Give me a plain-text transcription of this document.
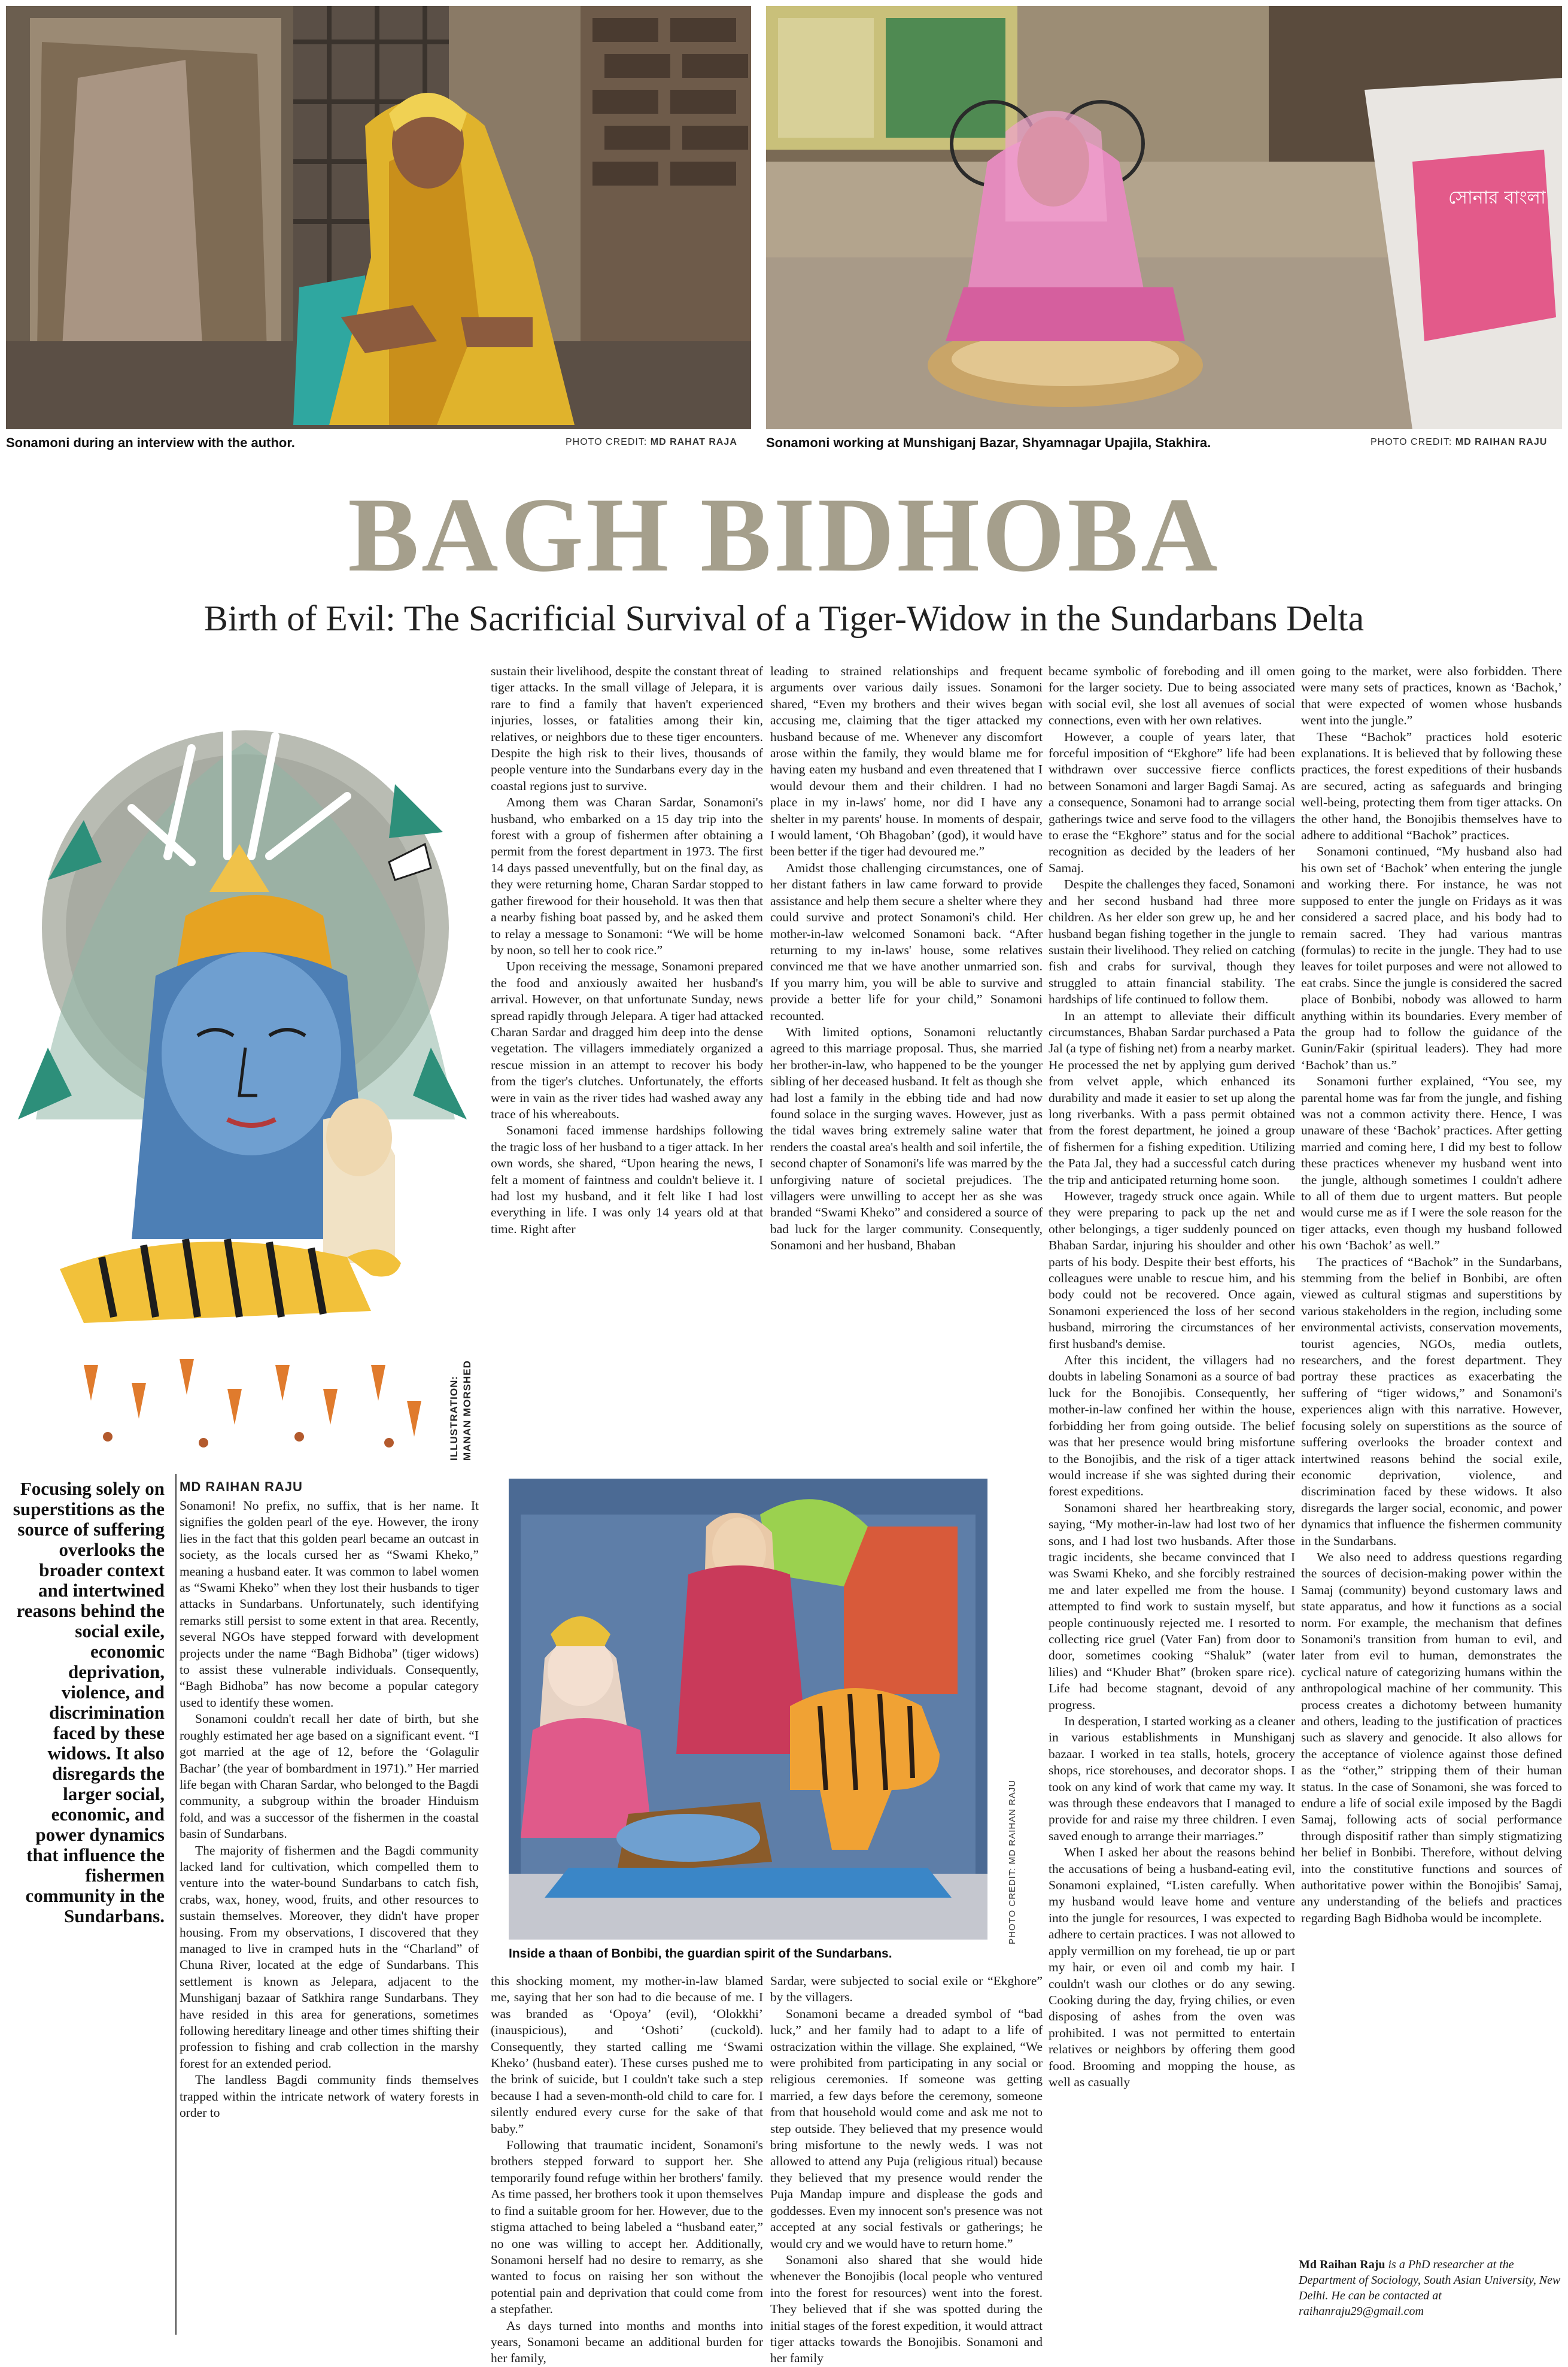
সোনার বাংলা
Sonamoni during an interview with the author.	PHOTO CREDIT: MD RAHAT RAJA Sonamoni working at Munshiganj Bazar, Shyamnagar Upajila, Stakhira.	PHOTO CREDIT: MD RAIHAN RAJU
BAGH BIDHOBA
Birth of Evil: The Sacrificial Survival of a Tiger-Widow in the Sundarbans Delta
ILLUSTRATION: MANAN MORSHED
Focusing solely on superstitions as the source of suffering overlooks the broader context and intertwined reasons behind the social exile, economic deprivation, violence, and discrimination faced by these widows. It also disregards the larger social, economic, and power dynamics that influence the fishermen community in the Sundarbans.
MD RAIHAN RAJU

Sonamoni! No prefix, no suffix, that is her name. It signifies the golden pearl of the eye. However, the irony lies in the fact that this golden pearl became an outcast in society, as the locals cursed her as “Swami Kheko,” meaning a husband eater. It was common to label women as “Swami Kheko” when they lost their husbands to tiger attacks in Sundarbans. Unfortunately, such identifying remarks still persist to some extent in that area. Recently, several NGOs have stepped forward with development projects under the name “Bagh Bidhoba” (tiger widows) to assist these vulnerable individuals. Consequently, “Bagh Bidhoba” has now become a popular category used to identify these women.

Sonamoni couldn't recall her date of birth, but she roughly estimated her age based on a significant event. “I got married at the age of 12, before the ‘Golagulir Bachar’ (the year of bombardment in 1971).” Her married life began with Charan Sardar, who belonged to the Bagdi community, a subgroup within the broader Hinduism fold, and was a successor of the fishermen in the coastal basin of Sundarbans.

The majority of fishermen and the Bagdi community lacked land for cultivation, which compelled them to venture into the water-bound Sundarbans to catch fish, crabs, wax, honey, wood, fruits, and other resources to sustain themselves. Moreover, they didn't have proper housing. From my observations, I discovered that they managed to live in cramped huts in the “Charland” of Chuna River, located at the edge of Sundarbans. This settlement is known as Jelepara, adjacent to the Munshiganj bazaar of Satkhira range Sundarbans. They have resided in this area for generations, sometimes following hereditary lineage and other times shifting their profession to fishing and crab collection in the marshy forest for an extended period.

The landless Bagdi community finds themselves trapped within the intricate network of watery forests in order to

sustain their livelihood, despite the constant threat of tiger attacks. In the small village of Jelepara, it is rare to find a family that haven't experienced injuries, losses, or fatalities among their kin, relatives, or neighbors due to these tiger encounters. Despite the high risk to their lives, thousands of people venture into the Sundarbans every day in the coastal regions just to survive.

Among them was Charan Sardar, Sonamoni's husband, who embarked on a 15 day trip into the forest with a group of fishermen after obtaining a permit from the forest department in 1973. The first 14 days passed uneventfully, but on the final day, as they were returning home, Charan Sardar stopped to gather firewood for their household. It was then that a nearby fishing boat passed by, and he asked them to relay a message to Sonamoni: “We will be home by noon, so tell her to cook rice.”

Upon receiving the message, Sonamoni prepared the food and anxiously awaited her husband's arrival. However, on that unfortunate Sunday, news spread rapidly through Jelepara. A tiger had attacked Charan Sardar and dragged him deep into the dense vegetation. The villagers immediately organized a rescue mission in an attempt to recover his body from the tiger's clutches. Unfortunately, the efforts were in vain as the river tides had washed away any trace of his whereabouts.

Sonamoni faced immense hardships following the tragic loss of her husband to a tiger attack. In her own words, she shared, “Upon hearing the news, I felt a moment of faintness and couldn't believe it. I had lost my husband, and it felt like I had lost everything in life. I was only 14 years old at that time. Right after

leading to strained relationships and frequent arguments over various daily issues. Sonamoni shared, “Even my brothers and their wives began accusing me, claiming that the tiger attacked my husband because of me. Whenever any discomfort arose within the family, they would blame me for having eaten my husband and even threatened that I would devour them and their children. I had no place in my in-laws' home, nor did I have any shelter in my parents' house. In moments of despair, I would lament, ‘Oh Bhagoban’ (god), it would have been better if the tiger had devoured me.”

Amidst those challenging circumstances, one of her distant fathers in law came forward to provide assistance and help them secure a shelter where they could survive and protect Sonamoni's child. Her mother-in-law welcomed Sonamoni back. “After returning to my in-laws' house, some relatives convinced me that we have another unmarried son. If you marry him, you will be able to survive and provide a better life for your child,” Sonamoni recounted.

With limited options, Sonamoni reluctantly agreed to this marriage proposal. Thus, she married her brother-in-law, who happened to be the younger sibling of her deceased husband. It felt as though she had lost a family in the ebbing tide and had now found solace in the surging waves. However, just as the tidal waves bring extremely saline water that renders the coastal area's health and soil infertile, the second chapter of Sonamoni's life was marred by the unforgiving nature of societal prejudices. The villagers were unwilling to accept her as she was branded “Swami Kheko” and considered a source of bad luck for the larger community. Consequently, Sonamoni and her husband, Bhaban

became symbolic of foreboding and ill omen for the larger society. Due to being associated with social evil, she lost all avenues of social connections, even with her own relatives.

However, a couple of years later, that forceful imposition of “Ekghore” life had been withdrawn over successive fierce conflicts between Sonamoni and larger Bagdi Samaj. As a consequence, Sonamoni had to arrange social gatherings twice and serve food to the villagers to erase the “Ekghore” status and for the social recognition as decided by the leaders of her Samaj.

Despite the challenges they faced, Sonamoni and her second husband had three more children. As her elder son grew up, he and her husband began fishing together in the jungle to sustain their livelihood. They relied on catching fish and crabs for survival, though they struggled to attain financial stability. The hardships of life continued to follow them.

In an attempt to alleviate their difficult circumstances, Bhaban Sardar purchased a Pata Jal (a type of fishing net) from a nearby market. He processed the net by applying gum derived from velvet apple, which enhanced its durability and made it easier to set up along the long riverbanks. With a pass permit obtained from the forest department, he joined a group of fishermen for a fishing expedition. Utilizing the Pata Jal, they had a successful catch during the trip and anticipated returning home soon.

However, tragedy struck once again. While they were preparing to pack up the net and other belongings, a tiger suddenly pounced on Bhaban Sardar, injuring his shoulder and other parts of his body. Despite their best efforts, his colleagues were unable to rescue him, and his body could not be recovered. Once again, Sonamoni experienced the loss of her second husband, mirroring the circumstances of her first husband's demise.

After this incident, the villagers had no doubts in labeling Sonamoni as a source of bad luck for the Bonojibis. Consequently, her mother-in-law confined her within the house, forbidding her from going outside. The belief was that her presence would bring misfortune to the Bonojibis, and the risk of a tiger attack would increase if she was sighted during their forest expeditions.

Sonamoni shared her heartbreaking story, saying, “My mother-in-law had lost two of her sons, and I had lost two husbands. After those tragic incidents, she became convinced that I was Swami Kheko, and she forcibly restrained me and later expelled me from the house. I attempted to find work to sustain myself, but people continuously rejected me. I resorted to collecting rice gruel (Vater Fan) from door to door, sometimes cooking “Shaluk” (water lilies) and “Khuder Bhat” (broken spare rice). Life had become stagnant, devoid of any progress.

In desperation, I started working as a cleaner in various establishments in Munshiganj bazaar. I worked in tea stalls, hotels, grocery shops, rice storehouses, and decorator shops. I took on any kind of work that came my way. It was through these endeavors that I managed to provide for and raise my three children. I even saved enough to arrange their marriages.”

When I asked her about the reasons behind the accusations of being a husband-eating evil, Sonamoni explained, “Listen carefully. When my husband would leave home and venture into the jungle for resources, I was expected to adhere to certain practices. I was not allowed to apply vermillion on my forehead, tie up or part my hair, or even oil and comb my hair. I couldn't wash our clothes or do any sewing. Cooking during the day, frying chilies, or even disposing of ashes from the oven was prohibited. I was not permitted to entertain relatives or neighbors by offering them good food. Brooming and mopping the house, as well as casually

going to the market, were also forbidden. There were many sets of practices, known as ‘Bachok,’ that were expected of women whose husbands went into the jungle.”

These “Bachok” practices hold esoteric explanations. It is believed that by following these practices, the forest expeditions of their husbands are secured, acting as safeguards and bringing well-being, protecting them from tiger attacks. On the other hand, the Bonojibis themselves have to adhere to additional “Bachok” practices.

Sonamoni continued, “My husband also had his own set of ‘Bachok’ when entering the jungle and working there. For instance, he was not supposed to enter the jungle on Fridays as it was considered a sacred place, and his body had to remain sacred. They had various mantras (formulas) to recite in the jungle. They had to use leaves for toilet purposes and were not allowed to eat crabs. Since the jungle is considered the sacred place of Bonbibi, nobody was allowed to harm anything within its boundaries. Every member of the group had to follow the guidance of the Gunin/Fakir (spiritual leaders). They had more ‘Bachok’ than us.”

Sonamoni further explained, “You see, my parental home was far from the jungle, and fishing was not a common activity there. Hence, I was unaware of these ‘Bachok’ practices. After getting married and coming here, I did my best to follow these practices whenever my husband went into the jungle, although sometimes I couldn't adhere to all of them due to urgent matters. But people would curse me as if I were the sole reason for the tiger attacks, even though my husband followed his own ‘Bachok’ as well.”

The practices of “Bachok” in the Sundarbans, stemming from the belief in Bonbibi, are often viewed as cultural stigmas and superstitions by various stakeholders in the region, including some environmental activists, conservation movements, tourist agencies, NGOs, media outlets, researchers, and the forest department. They portray these practices as exacerbating the suffering of “tiger widows,” and Sonamoni's experiences align with this narrative. However, focusing solely on superstitions as the source of suffering overlooks the broader context and intertwined reasons behind the social exile, economic deprivation, violence, and discrimination faced by these widows. It also disregards the larger social, economic, and power dynamics that influence the fishermen community in the Sundarbans.

We also need to address questions regarding the sources of decision-making power within the Samaj (community) beyond customary laws and state apparatus, and how it functions as a social norm. For example, the mechanism that defines Sonamoni's transition from human to evil, and later from evil to human, demonstrates the cyclical nature of categorizing humans within the anthropological machine of her community. This process creates a dichotomy between humanity and others, leading to the justification of practices such as slavery and genocide. It also allows for the acceptance of violence against those defined as the “other,” stripping them of their human status. In the case of Sonamoni, she was forced to endure a life of social exile imposed by the Bagdi Samaj, following acts of social performance through dispositif rather than simply stigmatizing her belief in Bonbibi. Therefore, without delving into the constitutive functions and sources of authoritative power within the Bonojibis' Samaj, any understanding of the beliefs and practices regarding Bagh Bidhoba would be incomplete.

PHOTO CREDIT: MD RAIHAN RAJU
Inside a thaan of Bonbibi, the guardian spirit of the Sundarbans.

this shocking moment, my mother-in-law blamed me, saying that her son had to die because of me. I was branded as ‘Opoya’ (evil), ‘Olokkhi’ (inauspicious), and ‘Oshoti’ (cuckold). Consequently, they started calling me ‘Swami Kheko’ (husband eater). These curses pushed me to the brink of suicide, but I couldn't take such a step because I had a seven-month-old child to care for. I silently endured every curse for the sake of that baby.”

Following that traumatic incident, Sonamoni's brothers stepped forward to support her. She temporarily found refuge within her brothers' family. As time passed, her brothers took it upon themselves to find a suitable groom for her. However, due to the stigma attached to being labeled a “husband eater,” no one was willing to accept her. Additionally, Sonamoni herself had no desire to remarry, as she wanted to focus on raising her son without the potential pain and deprivation that could come from a stepfather.

As days turned into months and months into years, Sonamoni became an additional burden for her family,

Sardar, were subjected to social exile or “Ekghore” by the villagers.

Sonamoni became a dreaded symbol of “bad luck,” and her family had to adapt to a life of ostracization within the village. She explained, “We were prohibited from participating in any social or religious ceremonies. If someone was getting married, a few days before the ceremony, someone from that household would come and ask me not to step outside. They believed that my presence would bring misfortune to the newly weds. I was not allowed to attend any Puja (religious ritual) because they believed that my presence would render the Puja Mandap impure and displease the gods and goddesses. Even my innocent son's presence was not accepted at any social festivals or gatherings; he would cry and we would have to return home.”

Sonamoni also shared that she would hide whenever the Bonojibis (local people who ventured into the forest for resources) went into the forest. They believed that if she was spotted during the initial stages of the forest expedition, it would attract tiger attacks towards the Bonojibis. Sonamoni and her family

Md Raihan Raju is a PhD researcher at the Department of Sociology, South Asian University, New Delhi. He can be contacted at raihanraju29@gmail.com
